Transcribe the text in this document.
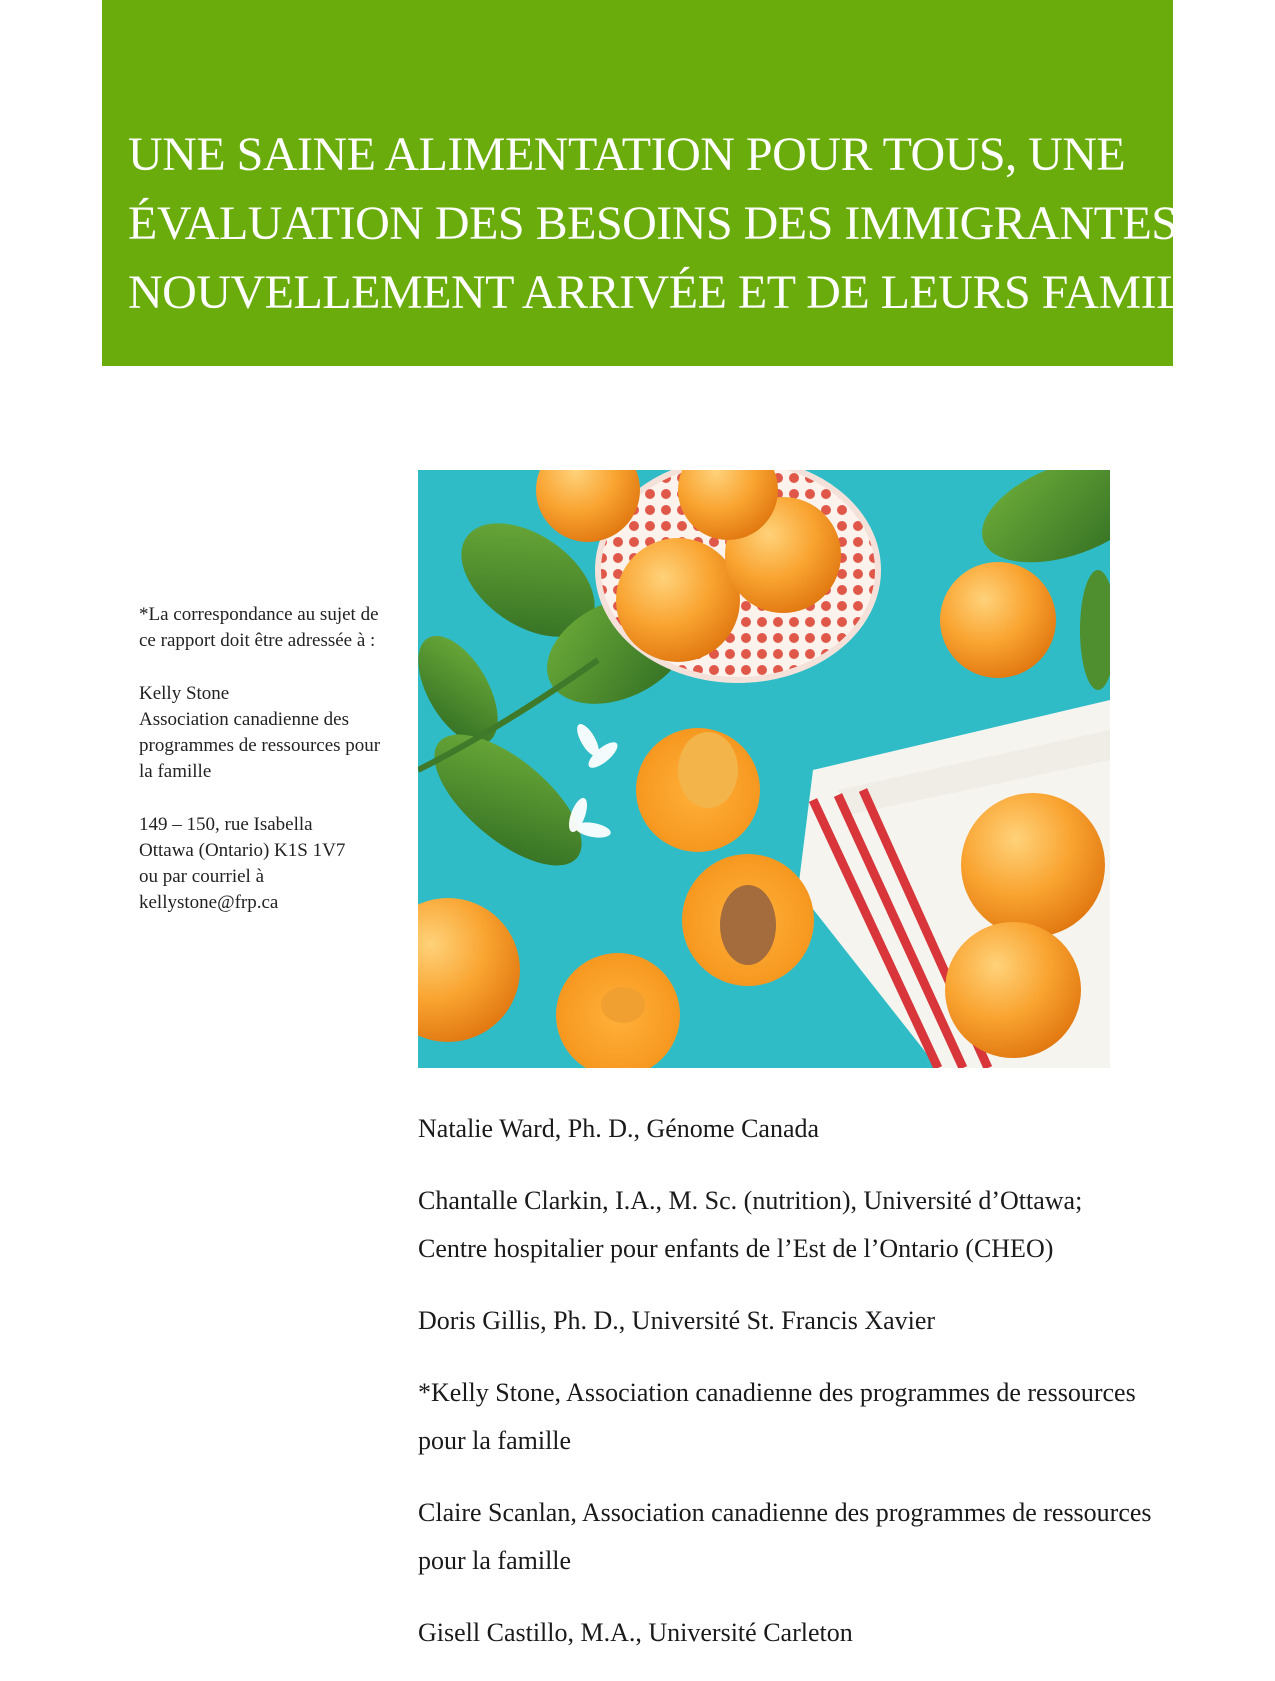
UNE SAINE ALIMENTATION POUR TOUS, UNE
ÉVALUATION DES BESOINS DES IMMIGRANTES
NOUVELLEMENT ARRIVÉE ET DE LEURS FAMILLES

*La correspondance au sujet de
ce rapport doit être adressée à :

Kelly Stone
Association canadienne des
programmes de ressources pour
la famille

149 – 150, rue Isabella
Ottawa (Ontario) K1S 1V7
ou par courriel à
kellystone@frp.ca

Natalie Ward, Ph. D., Génome Canada

Chantalle Clarkin, I.A., M. Sc. (nutrition), Université d’Ottawa;
Centre hospitalier pour enfants de l’Est de l’Ontario (CHEO)

Doris Gillis, Ph. D., Université St. Francis Xavier

*Kelly Stone, Association canadienne des programmes de ressources
pour la famille

Claire Scanlan, Association canadienne des programmes de ressources
pour la famille

Gisell Castillo, M.A., Université Carleton
